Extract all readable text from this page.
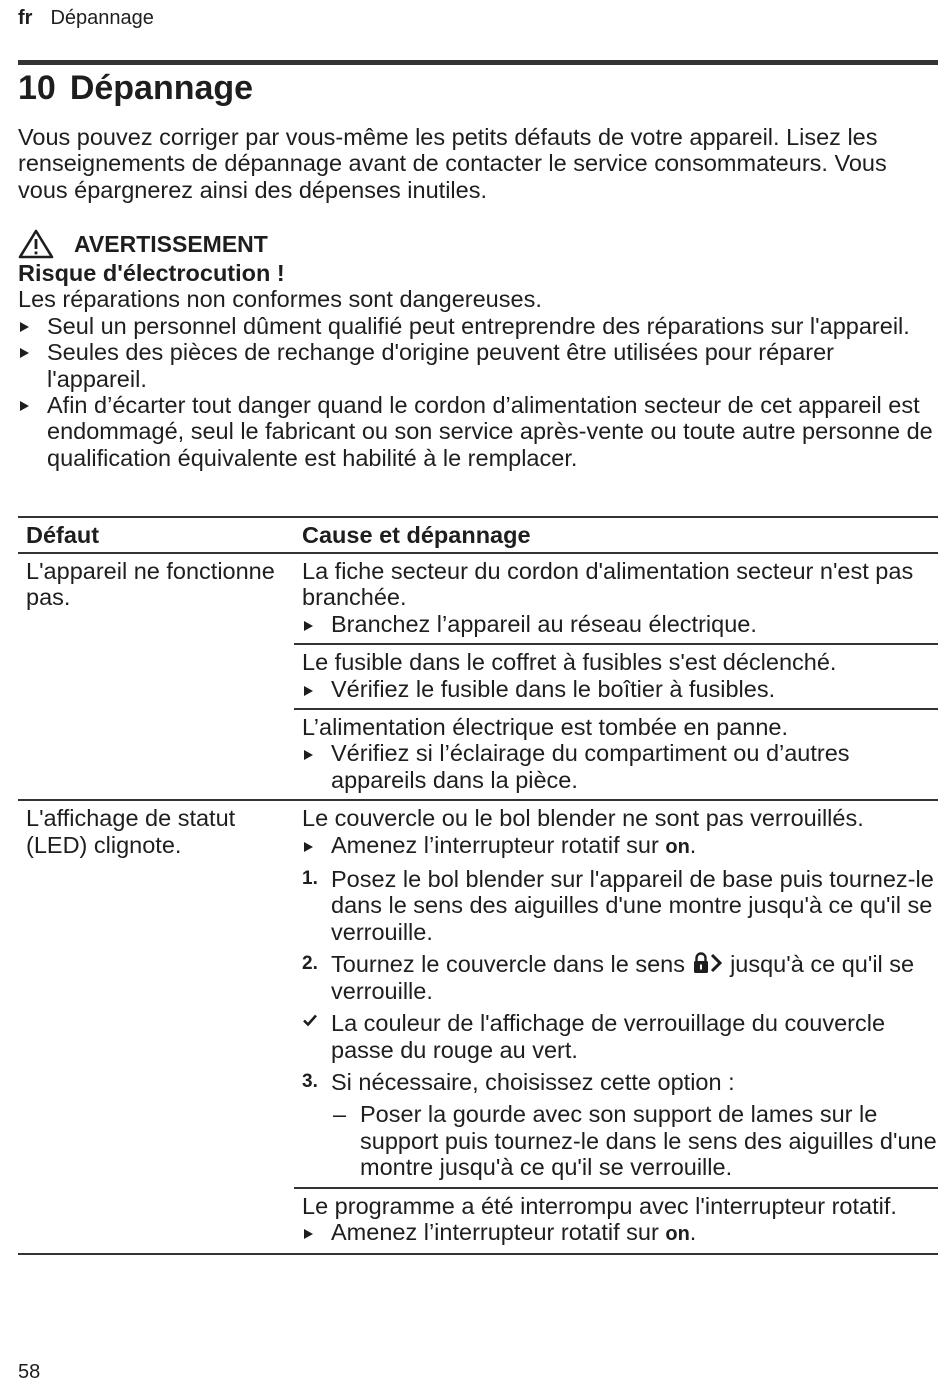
fr Dépannage
10 Dépannage

Vous pouvez corriger par vous-même les petits défauts de votre appareil. Lisez les renseignements de dépannage avant de contacter le service consommateurs. Vous vous épargnerez ainsi des dépenses inutiles.

AVERTISSEMENT
Risque d'électrocution !
Les réparations non conformes sont dangereuses.
Seul un personnel dûment qualifié peut entreprendre des réparations sur l'appareil.
Seules des pièces de rechange d'origine peuvent être utilisées pour réparer l'appareil.
Afin d’écarter tout danger quand le cordon d’alimentation secteur de cet appareil est endommagé, seul le fabricant ou son service après-vente ou toute autre personne de qualification équivalente est habilité à le remplacer.
Défaut	Cause et dépannage
L'appareil ne fonctionne pas.
La fiche secteur du cordon d'alimentation secteur n'est pas branchée.
Branchez l’appareil au réseau électrique.
Le fusible dans le coffret à fusibles s'est déclenché.
Vérifiez le fusible dans le boîtier à fusibles.
L’alimentation électrique est tombée en panne.
Vérifiez si l’éclairage du compartiment ou d’autres appareils dans la pièce.
L'affichage de statut (LED) clignote.
Le couvercle ou le bol blender ne sont pas verrouillés.
Amenez l’interrupteur rotatif sur on.
1. Posez le bol blender sur l'appareil de base puis tournez-le dans le sens des aiguilles d'une montre jusqu'à ce qu'il se verrouille.
2. Tournez le couvercle dans le sens  jusqu'à ce qu'il se verrouille.
La couleur de l'affichage de verrouillage du couvercle passe du rouge au vert.
3. Si nécessaire, choisissez cette option :
– Poser la gourde avec son support de lames sur le support puis tournez-le dans le sens des aiguilles d'une montre jusqu'à ce qu'il se verrouille.
Le programme a été interrompu avec l'interrupteur rotatif.
Amenez l’interrupteur rotatif sur on.
58
